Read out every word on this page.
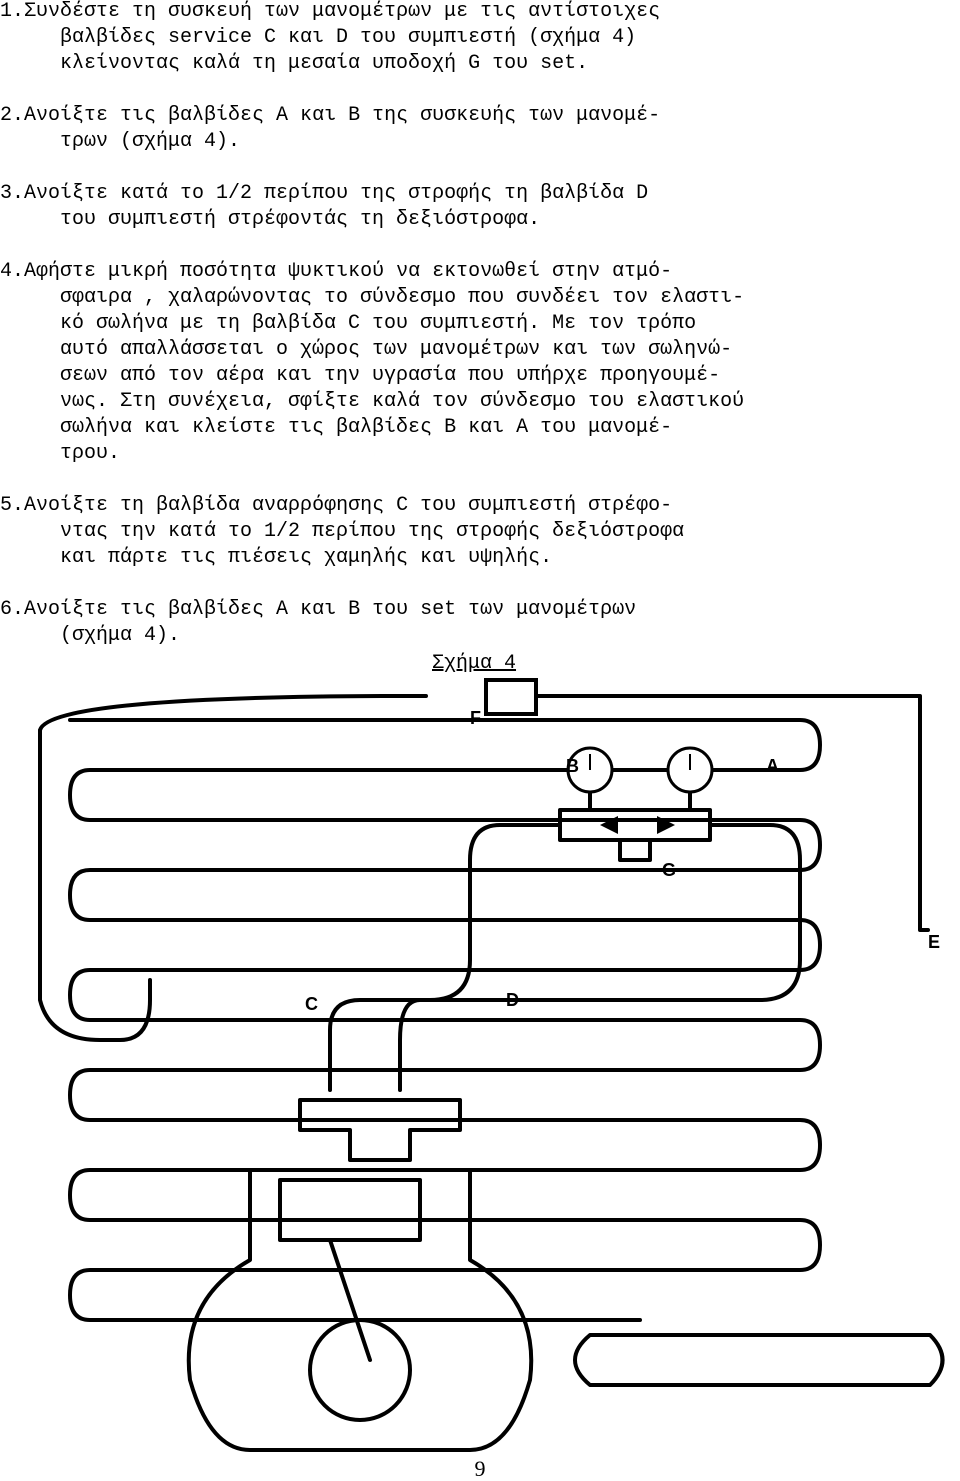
1.Συνδέστε τη συσκευή των μανομέτρων με τις αντίστοιχες
βαλβίδες service C και D του συμπιεστή (σχήμα 4)
κλείνοντας καλά τη μεσαία υποδοχή G του set.
2.Ανοίξτε τις βαλβίδες A και B της συσκευής των μανομέ-
τρων (σχήμα 4).
3.Ανοίξτε κατά το 1/2 περίπου της στροφής τη βαλβίδα D
του συμπιεστή στρέφοντάς τη δεξιόστροφα.
4.Αφήστε μικρή ποσότητα ψυκτικού να εκτονωθεί στην ατμό-
σφαιρα , χαλαρώνοντας το σύνδεσμο που συνδέει τον ελαστι-
κό σωλήνα με τη βαλβίδα C του συμπιεστή. Με τον τρόπο
αυτό απαλλάσσεται ο χώρος των μανομέτρων και των σωληνώ-
σεων από τον αέρα και την υγρασία που υπήρχε προηγουμέ-
νως. Στη συνέχεια, σφίξτε καλά τον σύνδεσμο του ελαστικού
σωλήνα και κλείστε τις βαλβίδες B και A του μανομέ-
τρου.
5.Ανοίξτε τη βαλβίδα αναρρόφησης C του συμπιεστή στρέφο-
ντας την κατά το 1/2 περίπου της στροφής δεξιόστροφα
και πάρτε τις πιέσεις χαμηλής και υψηλής.
6.Ανοίξτε τις βαλβίδες A και B του set των μανομέτρων
(σχήμα 4).
Σχήμα 4
F
B	A
G
C	D
E
9
